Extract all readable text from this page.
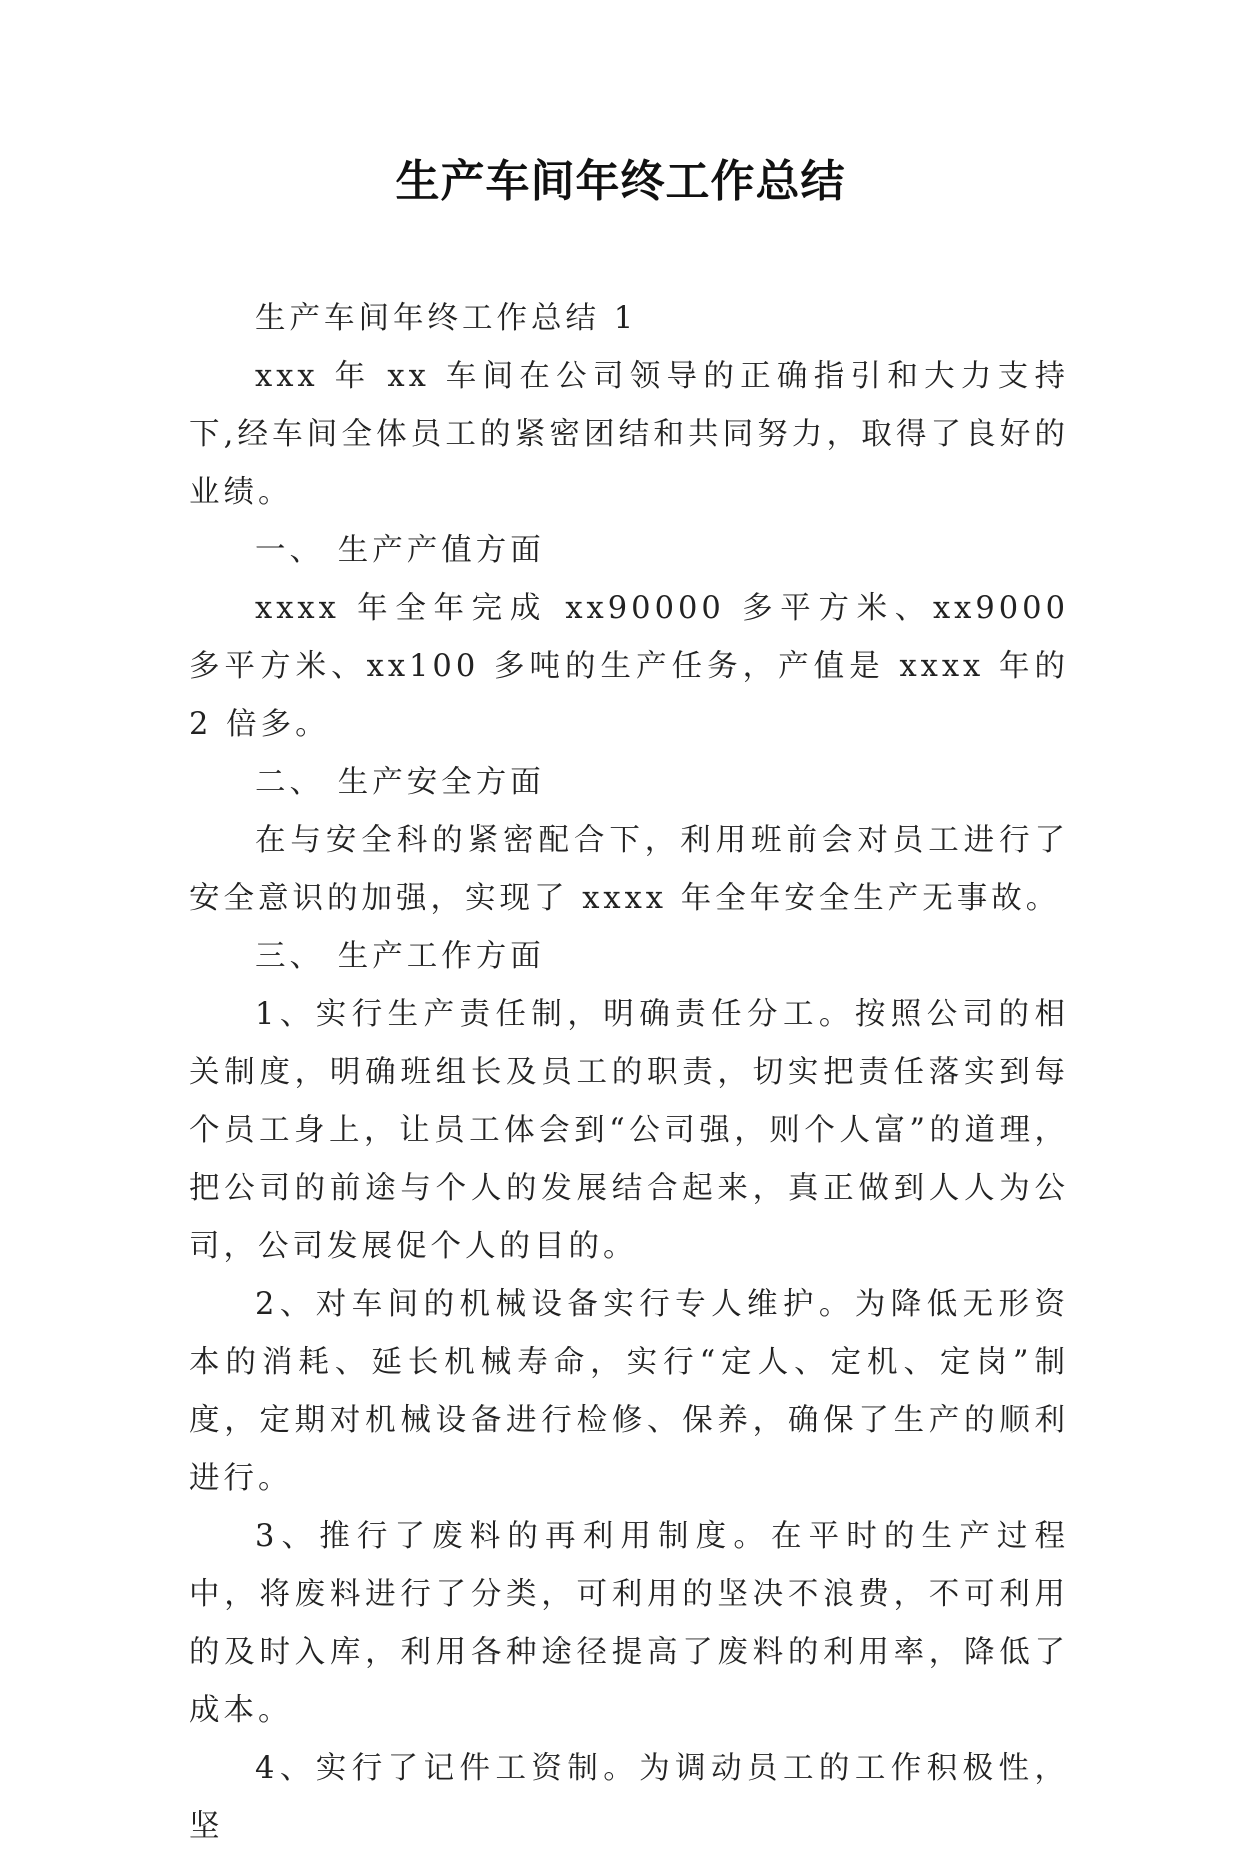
生产车间年终工作总结

生产车间年终工作总结 1

xxx 年 xx 车间在公司领导的正确指引和大力支持下,经车间全体员工的紧密团结和共同努力，取得了良好的业绩。

一、 生产产值方面

xxxx 年全年完成 xx90000 多平方米、xx9000 多平方米、xx100 多吨的生产任务，产值是 xxxx 年的 2 倍多。

二、 生产安全方面

在与安全科的紧密配合下，利用班前会对员工进行了安全意识的加强，实现了 xxxx 年全年安全生产无事故。

三、 生产工作方面

1、实行生产责任制，明确责任分工。按照公司的相关制度，明确班组长及员工的职责，切实把责任落实到每个员工身上，让员工体会到“公司强，则个人富”的道理，把公司的前途与个人的发展结合起来，真正做到人人为公司，公司发展促个人的目的。

2、对车间的机械设备实行专人维护。为降低无形资本的消耗、延长机械寿命，实行“定人、定机、定岗”制度，定期对机械设备进行检修、保养，确保了生产的顺利进行。

3、推行了废料的再利用制度。在平时的生产过程中，将废料进行了分类，可利用的坚决不浪费，不可利用的及时入库，利用各种途径提高了废料的利用率，降低了成本。

4、实行了记件工资制。为调动员工的工作积极性，坚
